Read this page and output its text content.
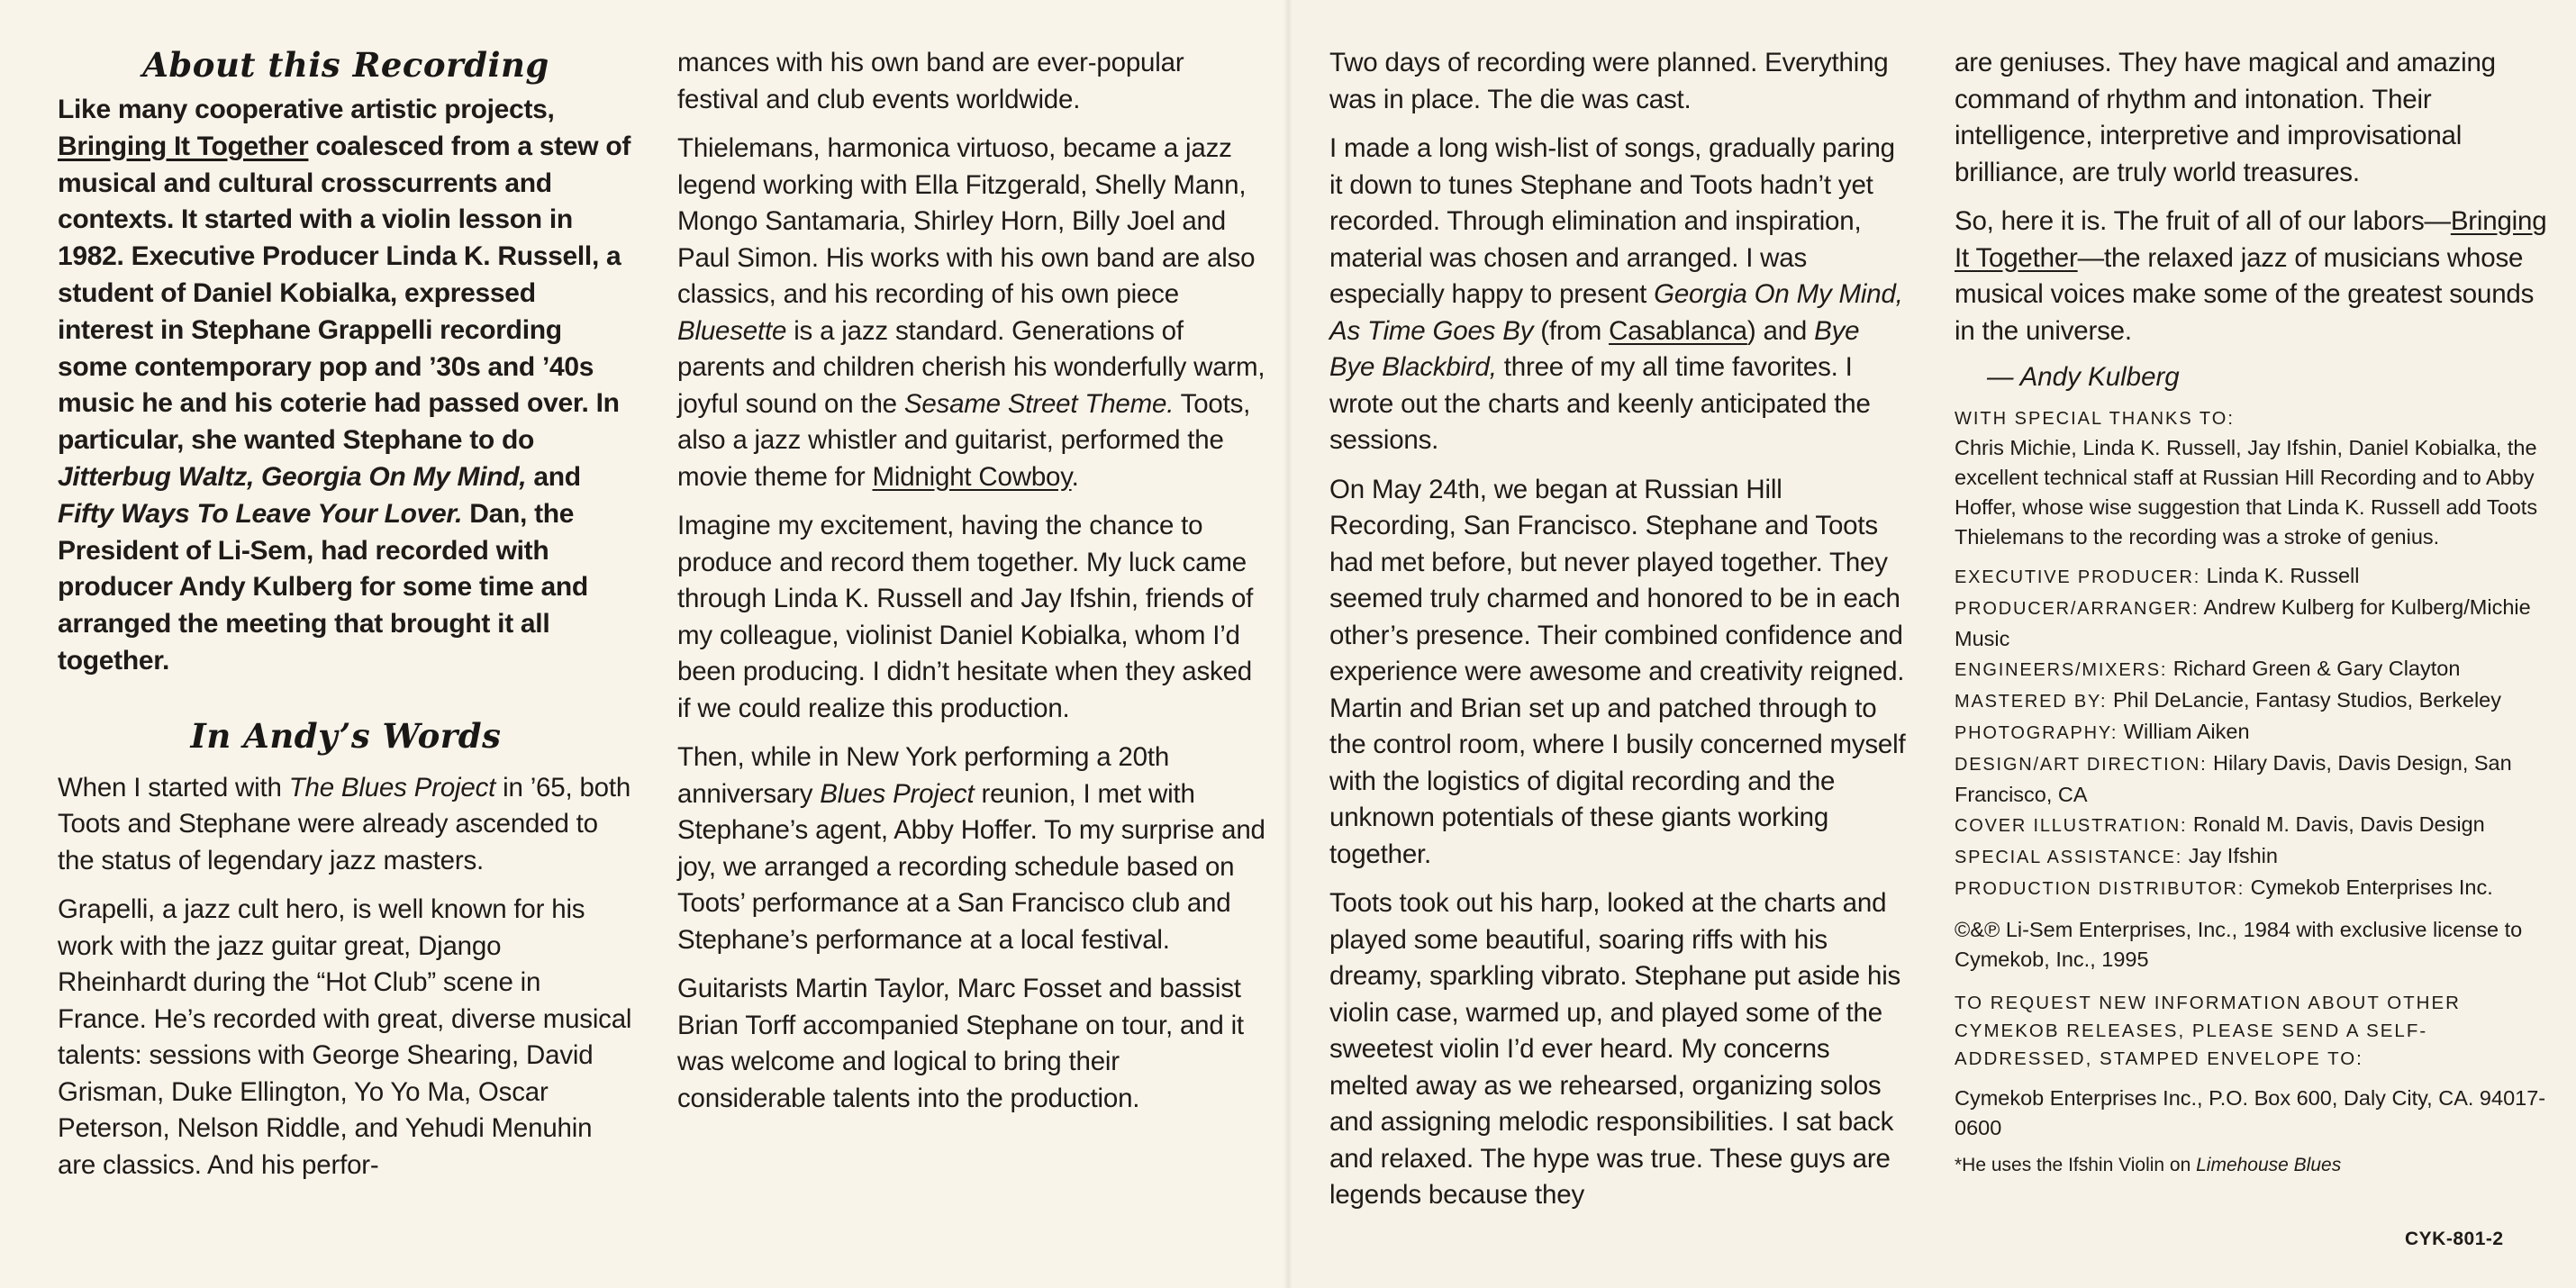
About this Recording

Like many cooperative artistic projects, Bringing It Together coalesced from a stew of musical and cultural crosscurrents and contexts. It started with a violin lesson in 1982. Executive Producer Linda K. Russell, a student of Daniel Kobialka, expressed interest in Stephane Grappelli recording some contemporary pop and ’30s and ’40s music he and his coterie had passed over. In particular, she wanted Stephane to do Jitterbug Waltz, Georgia On My Mind, and Fifty Ways To Leave Your Lover. Dan, the President of Li-Sem, had recorded with producer Andy Kulberg for some time and arranged the meeting that brought it all together.

In Andy’s Words

When I started with The Blues Project in ’65, both Toots and Stephane were already ascended to the status of legendary jazz masters.

Grapelli, a jazz cult hero, is well known for his work with the jazz guitar great, Django Rheinhardt during the “Hot Club” scene in France. He’s recorded with great, diverse musical talents: sessions with George Shearing, David Grisman, Duke Ellington, Yo Yo Ma, Oscar Peterson, Nelson Riddle, and Yehudi Menuhin are classics. And his perfor-

mances with his own band are ever-popular festival and club events worldwide.

Thielemans, harmonica virtuoso, became a jazz legend working with Ella Fitzgerald, Shelly Mann, Mongo Santamaria, Shirley Horn, Billy Joel and Paul Simon. His works with his own band are also classics, and his recording of his own piece Bluesette is a jazz standard. Generations of parents and children cherish his wonderfully warm, joyful sound on the Sesame Street Theme. Toots, also a jazz whistler and guitarist, performed the movie theme for Midnight Cowboy.

Imagine my excitement, having the chance to produce and record them together. My luck came through Linda K. Russell and Jay Ifshin, friends of my colleague, violinist Daniel Kobialka, whom I’d been producing. I didn’t hesitate when they asked if we could realize this production.

Then, while in New York performing a 20th anniversary Blues Project reunion, I met with Stephane’s agent, Abby Hoffer. To my surprise and joy, we arranged a recording schedule based on Toots’ performance at a San Francisco club and Stephane’s performance at a local festival.

Guitarists Martin Taylor, Marc Fosset and bassist Brian Torff accompanied Stephane on tour, and it was welcome and logical to bring their considerable talents into the production.

Two days of recording were planned. Everything was in place. The die was cast.

I made a long wish-list of songs, gradually paring it down to tunes Stephane and Toots hadn’t yet recorded. Through elimination and inspiration, material was chosen and arranged. I was especially happy to present Georgia On My Mind, As Time Goes By (from Casablanca) and Bye Bye Blackbird, three of my all time favorites. I wrote out the charts and keenly anticipated the sessions.

On May 24th, we began at Russian Hill Recording, San Francisco. Stephane and Toots had met before, but never played together. They seemed truly charmed and honored to be in each other’s presence. Their combined confidence and experience were awesome and creativity reigned. Martin and Brian set up and patched through to the control room, where I busily concerned myself with the logistics of digital recording and the unknown potentials of these giants working together.

Toots took out his harp, looked at the charts and played some beautiful, soaring riffs with his dreamy, sparkling vibrato. Stephane put aside his violin case, warmed up, and played some of the sweetest violin I’d ever heard. My concerns melted away as we rehearsed, organizing solos and assigning melodic responsibilities. I sat back and relaxed. The hype was true. These guys are legends because they

are geniuses. They have magical and amazing command of rhythm and intonation. Their intelligence, interpretive and improvisational brilliance, are truly world treasures.

So, here it is. The fruit of all of our labors—Bringing It Together—the relaxed jazz of musicians whose musical voices make some of the greatest sounds in the universe.

— Andy Kulberg

WITH SPECIAL THANKS TO:

Chris Michie, Linda K. Russell, Jay Ifshin, Daniel Kobialka, the excellent technical staff at Russian Hill Recording and to Abby Hoffer, whose wise suggestion that Linda K. Russell add Toots Thielemans to the recording was a stroke of genius.

EXECUTIVE PRODUCER: Linda K. Russell

PRODUCER/ARRANGER: Andrew Kulberg for Kulberg/Michie Music

ENGINEERS/MIXERS: Richard Green & Gary Clayton

MASTERED BY: Phil DeLancie, Fantasy Studios, Berkeley

PHOTOGRAPHY: William Aiken

DESIGN/ART DIRECTION: Hilary Davis, Davis Design, San Francisco, CA

COVER ILLUSTRATION: Ronald M. Davis, Davis Design

SPECIAL ASSISTANCE: Jay Ifshin

PRODUCTION DISTRIBUTOR: Cymekob Enterprises Inc.

©&℗ Li-Sem Enterprises, Inc., 1984 with exclusive license to Cymekob, Inc., 1995

TO REQUEST NEW INFORMATION ABOUT OTHER CYMEKOB RELEASES, PLEASE SEND A SELF- ADDRESSED, STAMPED ENVELOPE TO:

Cymekob Enterprises Inc., P.O. Box 600, Daly City, CA. 94017-0600

*He uses the Ifshin Violin on Limehouse Blues

CYK-801-2
